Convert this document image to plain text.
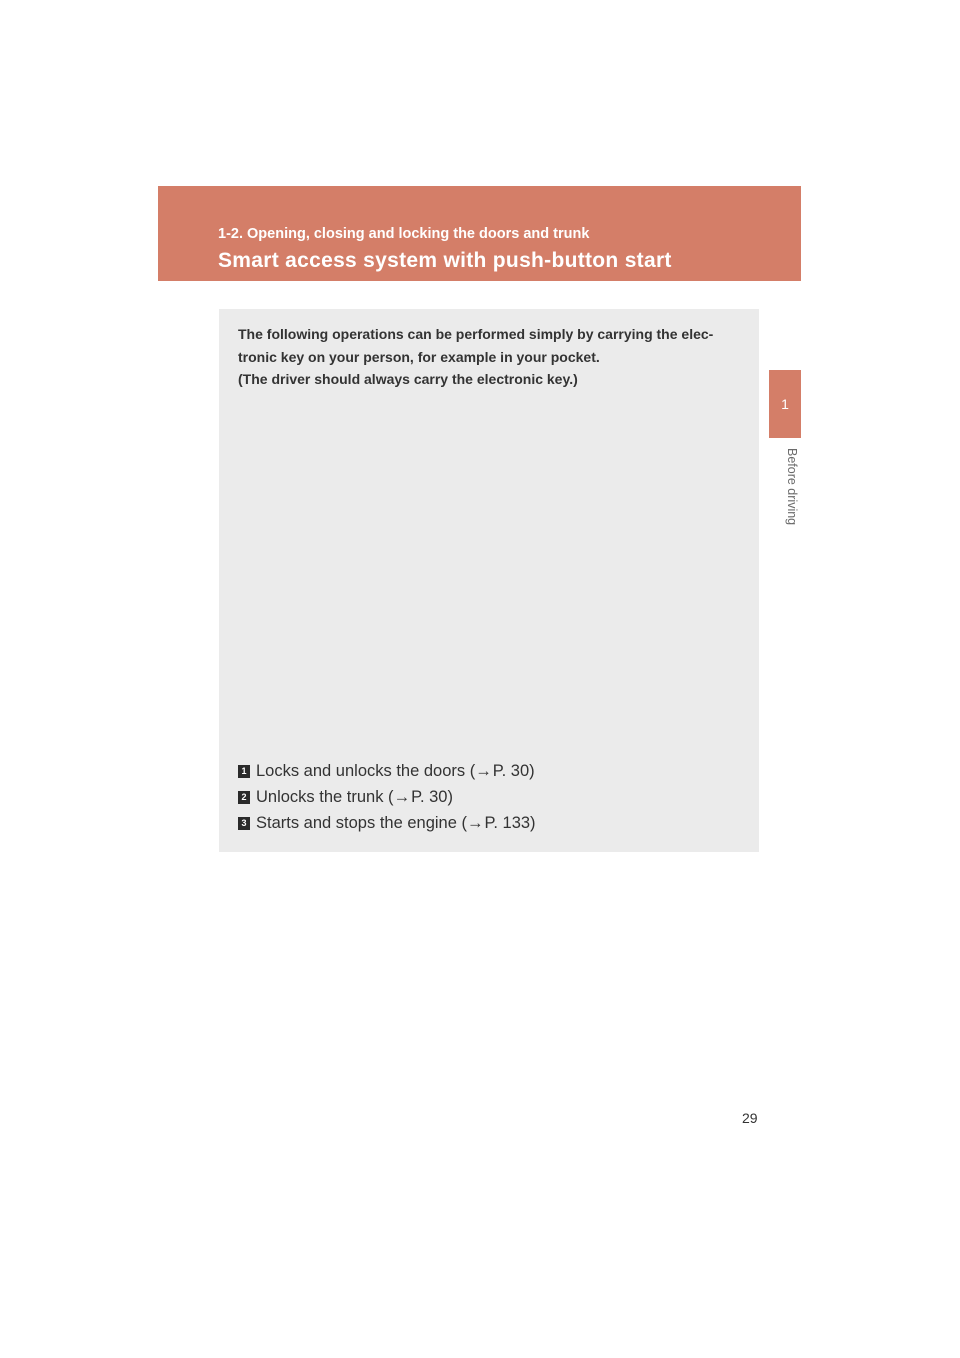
1-2. Opening, closing and locking the doors and trunk
Smart access system with push-button start
1
Before driving

The following operations can be performed simply by carrying the elec-tronic key on your person, for example in your pocket.

(The driver should always carry the electronic key.)

1 Locks and unlocks the doors ( → P. 30)
2 Unlocks the trunk ( → P. 30)
3 Starts and stops the engine ( → P. 133)
29
